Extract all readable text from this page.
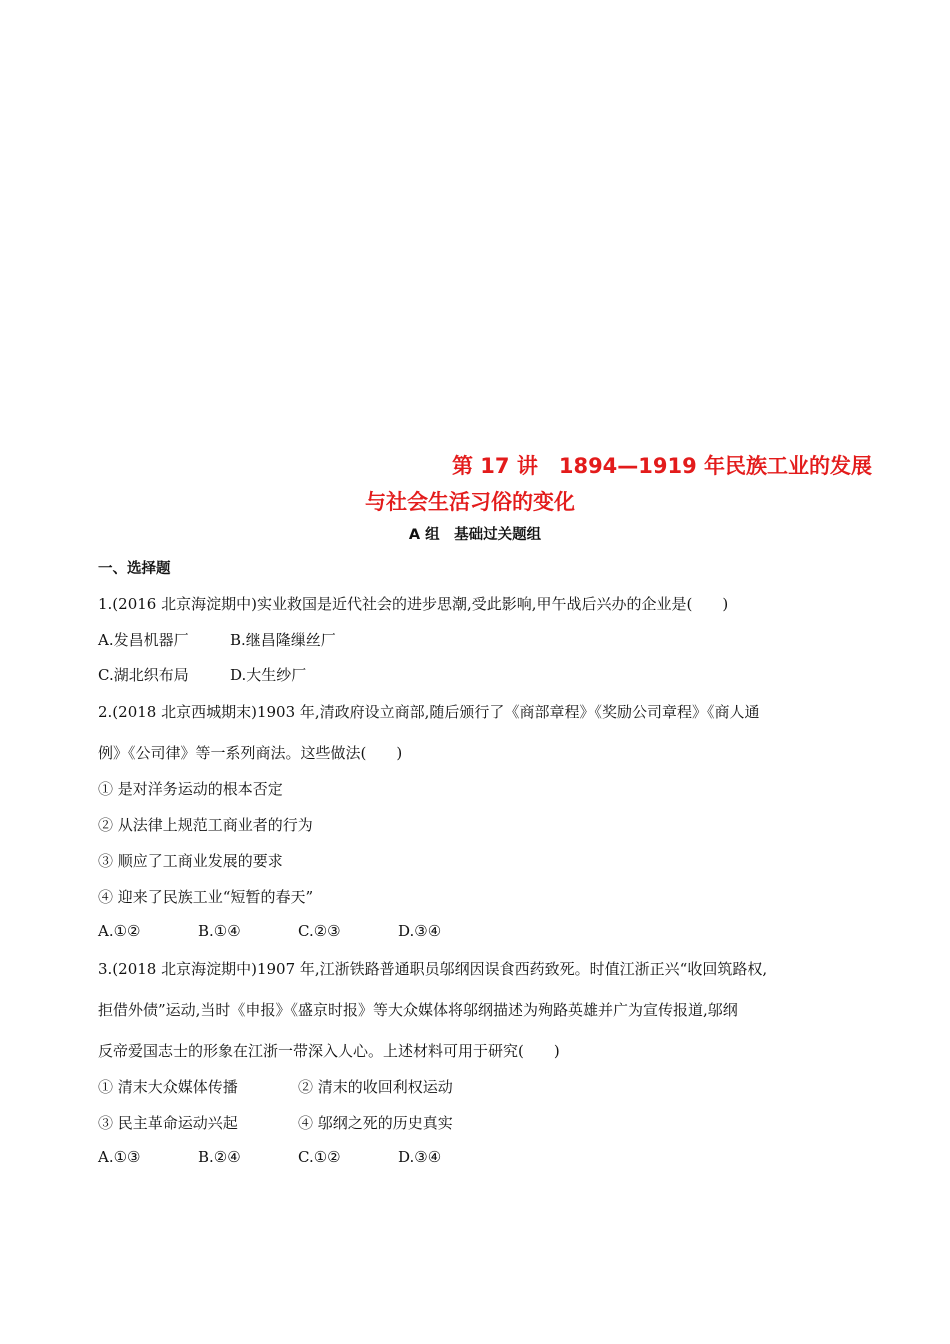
第 17 讲　1894—1919 年民族工业的发展
与社会生活习俗的变化
A 组　基础过关题组
一、选择题
1.(2016 北京海淀期中)实业救国是近代社会的进步思潮,受此影响,甲午战后兴办的企业是(　　)
A.发昌机器厂	B.继昌隆缫丝厂
C.湖北织布局	D.大生纱厂
2.(2018 北京西城期末)1903 年,清政府设立商部,随后颁行了《商部章程》《奖励公司章程》《商人通
例》《公司律》等一系列商法。这些做法(　　)
① 是对洋务运动的根本否定
② 从法律上规范工商业者的行为
③ 顺应了工商业发展的要求
④ 迎来了民族工业“短暂的春天”
A.①②	B.①④	C.②③	D.③④
3.(2018 北京海淀期中)1907 年,江浙铁路普通职员邬纲因误食西药致死。时值江浙正兴“收回筑路权,
拒借外债”运动,当时《申报》《盛京时报》等大众媒体将邬纲描述为殉路英雄并广为宣传报道,邬纲
反帝爱国志士的形象在江浙一带深入人心。上述材料可用于研究(　　)
① 清末大众媒体传播	② 清末的收回利权运动
③ 民主革命运动兴起	④ 邬纲之死的历史真实
A.①③	B.②④	C.①②	D.③④
